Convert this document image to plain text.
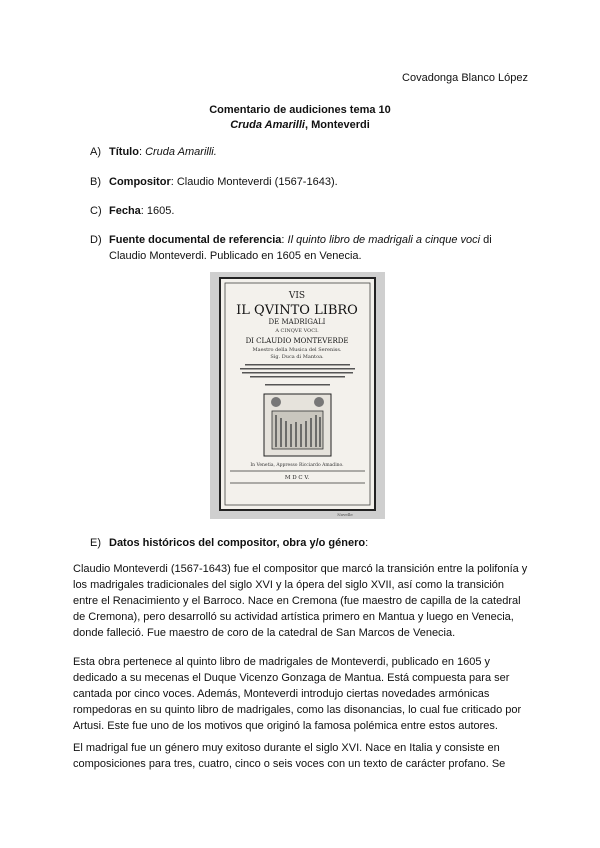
Covadonga Blanco López
Comentario de audiciones tema 10
Cruda Amarilli, Monteverdi
A) Título: Cruda Amarilli.
B) Compositor: Claudio Monteverdi (1567-1643).
C) Fecha: 1605.
D) Fuente documental de referencia: Il quinto libro de madrigali a cinque voci di
Claudio Monteverdi. Publicado en 1605 en Venecia.
VIS
IL QVINTO LIBRO
DE MADRIGALI
A CINQVE VOCI.
DI CLAUDIO MONTEVERDE
Maestro della Musica del Sereniss.
Sig. Duca di Mantoa.
In Venetia, Appresso Ricciardo Amadino.
M D C V.
Novelle
E) Datos históricos del compositor, obra y/o género:

Claudio Monteverdi (1567-1643) fue el compositor que marcó la transición entre la polifonía y los madrigales tradicionales del siglo XVI y la ópera del siglo XVII, así como la transición entre el Renacimiento y el Barroco. Nace en Cremona (fue maestro de capilla de la catedral de Cremona), pero desarrolló su actividad artística primero en Mantua y luego en Venecia, donde falleció. Fue maestro de coro de la catedral de San Marcos de Venecia.

Esta obra pertenece al quinto libro de madrigales de Monteverdi, publicado en 1605 y dedicado a su mecenas el Duque Vicenzo Gonzaga de Mantua. Está compuesta para ser cantada por cinco voces. Además, Monteverdi introdujo ciertas novedades armónicas rompedoras en su quinto libro de madrigales, como las disonancias, lo cual fue criticado por Artusi. Este fue uno de los motivos que originó la famosa polémica entre estos autores.

El madrigal fue un género muy exitoso durante el siglo XVI. Nace en Italia y consiste en composiciones para tres, cuatro, cinco o seis voces con un texto de carácter profano. Se
